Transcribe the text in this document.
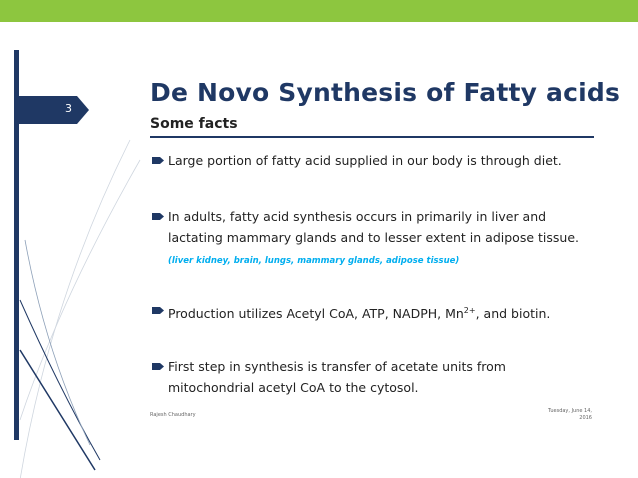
3
De Novo Synthesis of Fatty acids
Some facts
Large portion of fatty acid supplied in our body is through diet.
In adults, fatty acid synthesis occurs in primarily in liver and lactating mammary glands and to lesser extent in adipose tissue. (liver kidney, brain, lungs, mammary glands, adipose tissue)
Production utilizes Acetyl CoA, ATP, NADPH, $Mn^{2+}$, and biotin.
First step in synthesis is transfer of acetate units from mitochondrial acetyl CoA to the cytosol.
Rajesh Chaudhary
Tuesday, June 14,
2016
